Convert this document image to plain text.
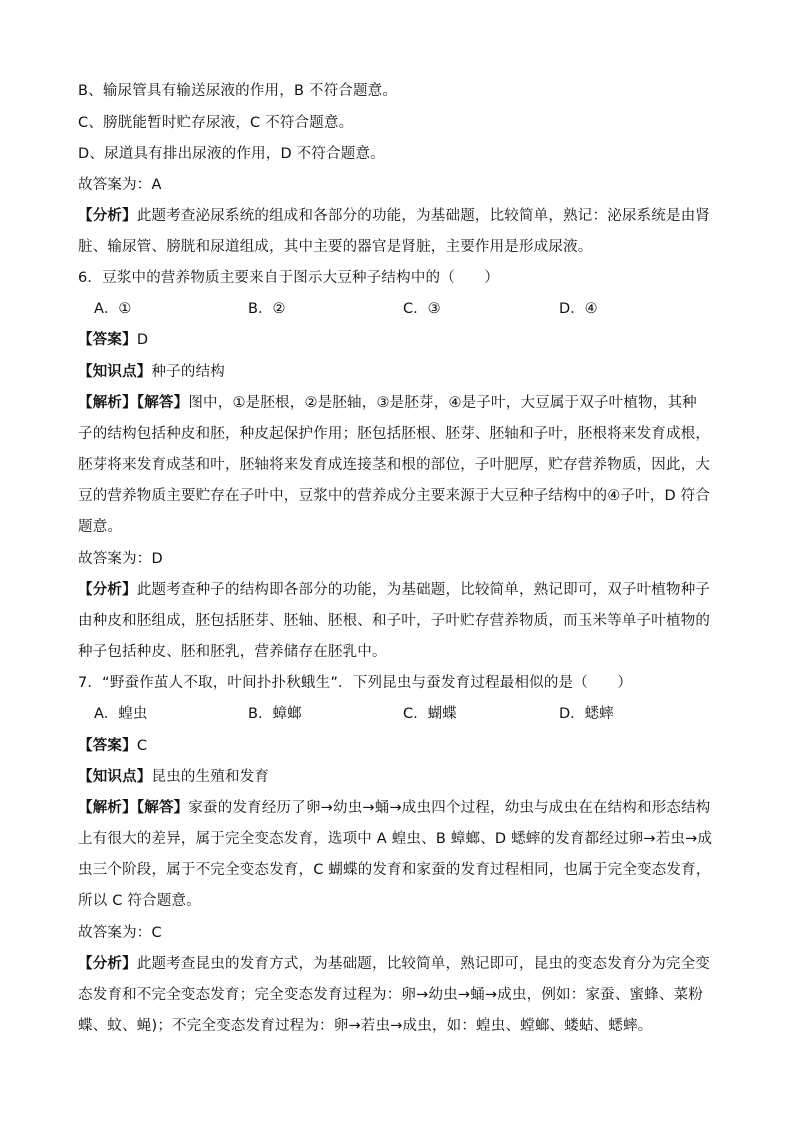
B、输尿管具有输送尿液的作用，B 不符合题意。
C、膀胱能暂时贮存尿液，C 不符合题意。
D、尿道具有排出尿液的作用，D 不符合题意。
故答案为：A
【分析】此题考查泌尿系统的组成和各部分的功能，为基础题，比较简单，熟记：泌尿系统是由肾
脏、输尿管、膀胱和尿道组成，其中主要的器官是肾脏，主要作用是形成尿液。
6．豆浆中的营养物质主要来自于图示大豆种子结构中的（　　）
A．①	B．②	C．③	D．④
【答案】D
【知识点】种子的结构
【解析】【解答】图中，①是胚根，②是胚轴，③是胚芽，④是子叶，大豆属于双子叶植物，其种
子的结构包括种皮和胚，种皮起保护作用；胚包括胚根、胚芽、胚轴和子叶，胚根将来发育成根，
胚芽将来发育成茎和叶，胚轴将来发育成连接茎和根的部位，子叶肥厚，贮存营养物质，因此，大
豆的营养物质主要贮存在子叶中，豆浆中的营养成分主要来源于大豆种子结构中的④子叶，D 符合
题意。
故答案为：D
【分析】此题考查种子的结构即各部分的功能，为基础题，比较简单，熟记即可，双子叶植物种子
由种皮和胚组成，胚包括胚芽、胚轴、胚根、和子叶，子叶贮存营养物质，而玉米等单子叶植物的
种子包括种皮、胚和胚乳，营养储存在胚乳中。
7．“野蚕作茧人不取，叶间扑扑秋蛾生”．下列昆虫与蚕发育过程最相似的是（　　）
A．蝗虫	B．蟑螂	C．蝴蝶	D．蟋蟀
【答案】C
【知识点】昆虫的生殖和发育
【解析】【解答】家蚕的发育经历了卵→幼虫→蛹→成虫四个过程，幼虫与成虫在在结构和形态结构
上有很大的差异，属于完全变态发育，选项中 A 蝗虫、B 蟑螂、D 蟋蟀的发育都经过卵→若虫→成
虫三个阶段，属于不完全变态发育，C 蝴蝶的发育和家蚕的发育过程相同，也属于完全变态发育，
所以 C 符合题意。
故答案为：C
【分析】此题考查昆虫的发育方式，为基础题，比较简单，熟记即可，昆虫的变态发育分为完全变
态发育和不完全变态发育；完全变态发育过程为：卵→幼虫→蛹→成虫，例如：家蚕、蜜蜂、菜粉
蝶、蚊、蝇)；不完全变态发育过程为：卵→若虫→成虫，如：蝗虫、螳螂、蝼蛄、蟋蟀。
